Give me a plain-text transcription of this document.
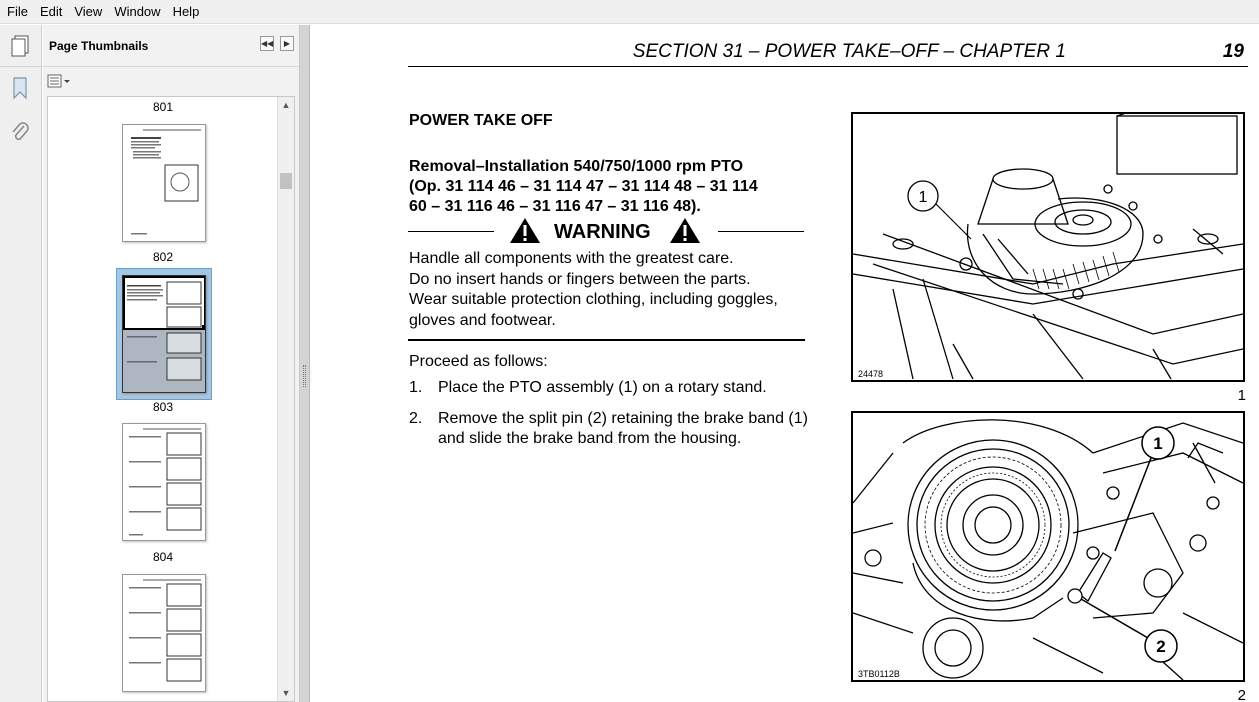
File Edit View Window Help
Page Thumbnails	◀◀	▶
801
802
803
804
▲
▼
SECTION 31 – POWER TAKE–OFF – CHAPTER 1	19
POWER TAKE OFF
Removal–Installation 540/750/1000 rpm PTO
(Op. 31 114 46 – 31 114 47 – 31 114 48 – 31 114
60 – 31 116 46 – 31 116 47 – 31 116 48).
WARNING
Handle all components with the greatest care.
Do no insert hands or fingers between the parts.
Wear suitable protection clothing, including goggles,
gloves and footwear.
Proceed as follows:
1. Place the PTO assembly (1) on a rotary stand.
2. Remove the split pin (2) retaining the brake band (1) and slide the brake band from the housing.
1
24478
1
1
2
3TB0112B
2
